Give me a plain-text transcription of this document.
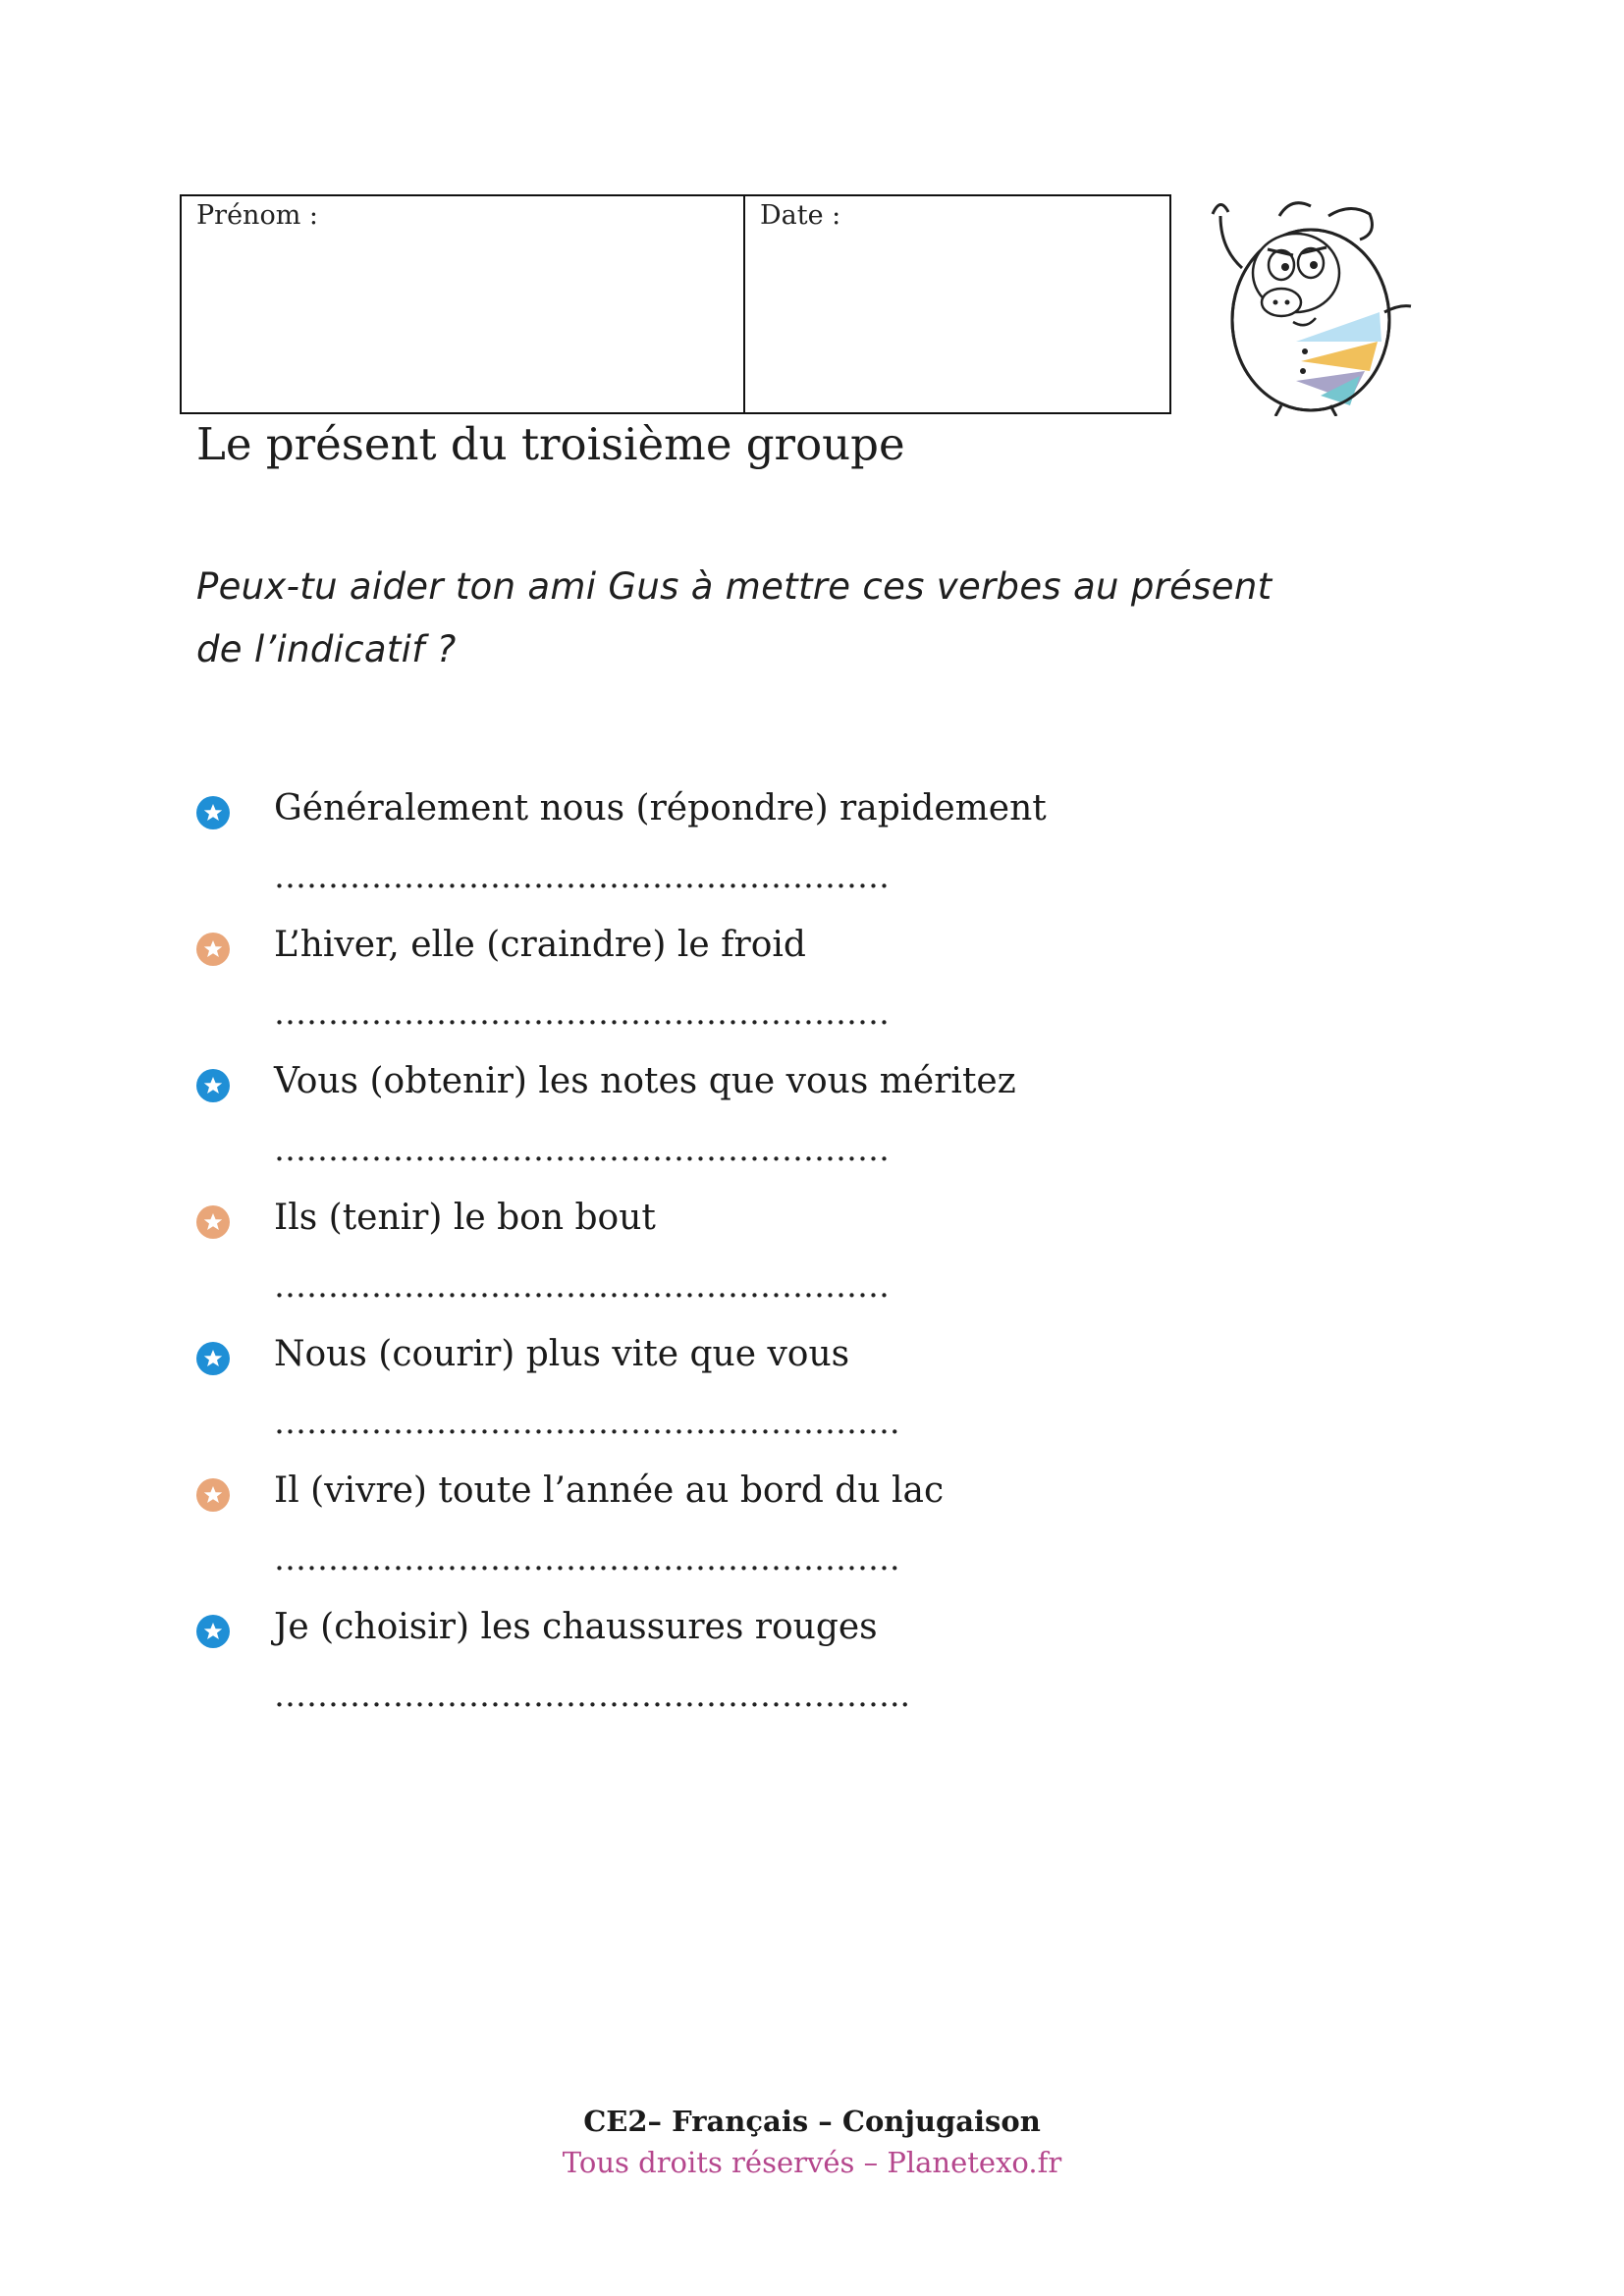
Prénom :	Date :
Le présent du troisième groupe
Peux-tu aider ton ami Gus à mettre ces verbes au présent
de l’indicatif ?
Généralement nous (répondre) rapidement
…………………………………………………
L’hiver, elle (craindre) le froid
…………………………………………………
Vous (obtenir) les notes que vous méritez
…………………………………………………
Ils (tenir) le bon bout
…………………………………………………
Nous (courir) plus vite que vous
………………………………………………….
Il (vivre) toute l’année au bord du lac
………………………………………………….
Je (choisir) les chaussures rouges
…………………………………………………..
CE2– Français – Conjugaison
Tous droits réservés – Planetexo.fr
